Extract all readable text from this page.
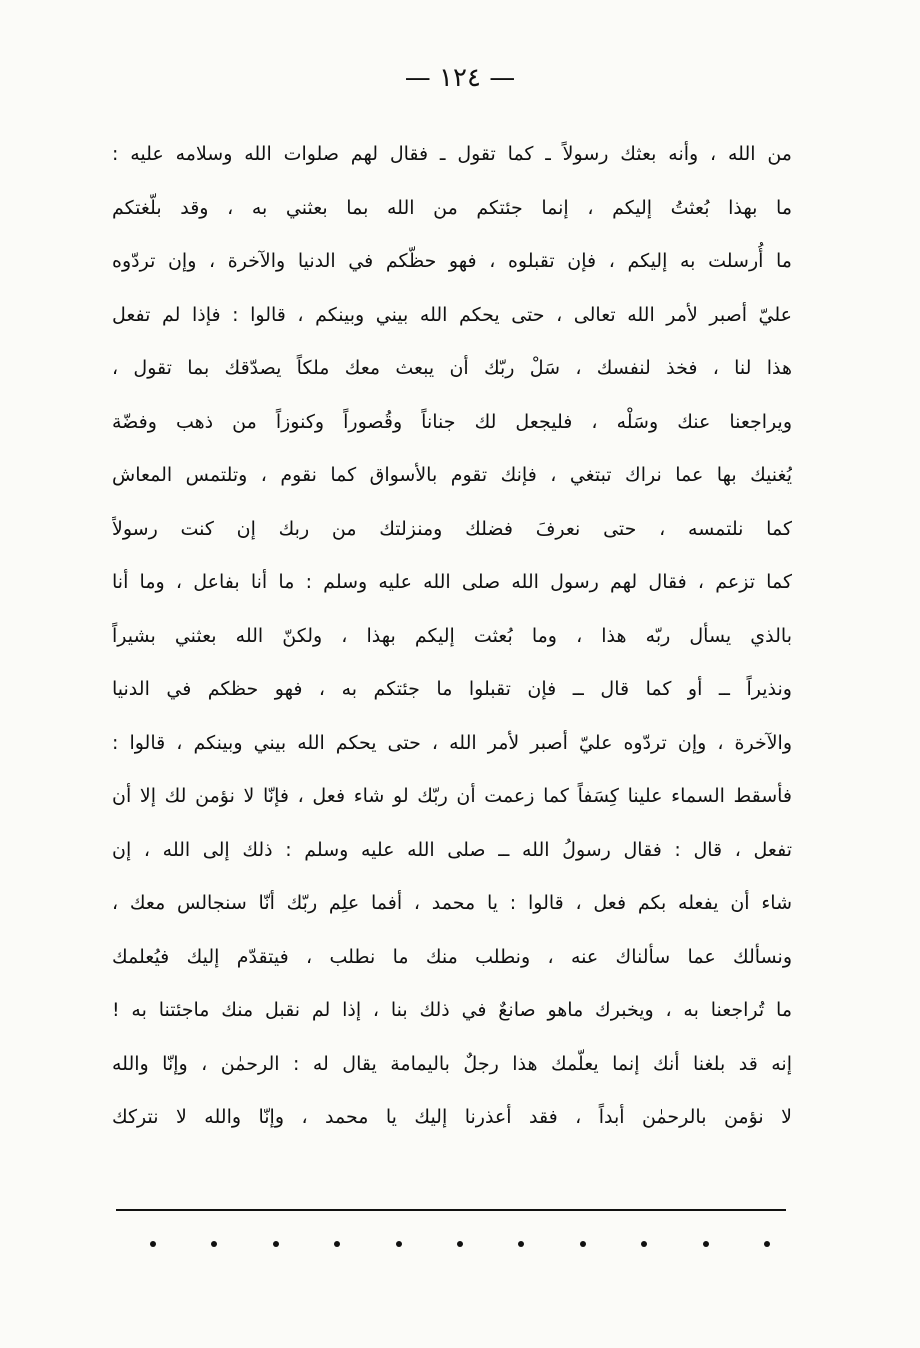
— ١٢٤ —
من الله ، وأنه بعثك رسولاً ـ كما تقول ـ فقال لهم صلوات الله وسلامه عليه :
ما بهذا بُعثتُ إليكم ، إنما جئتكم من الله بما بعثني به ، وقد بلّغتكم
ما أُرسلت به إليكم ، فإن تقبلوه ، فهو حظّكم في الدنيا والآخرة ، وإن تردّوه
عليّ أصبر لأمر الله تعالى ، حتى يحكم الله بيني وبينكم ، قالوا : فإذا لم تفعل
هذا لنا ، فخذ لنفسك ، سَلْ ربّك أن يبعث معك ملكاً يصدّقك بما تقول ،
ويراجعنا عنك وسَلْه ، فليجعل لك جناناً وقُصوراً وكنوزاً من ذهب وفضّة
يُغنيك بها عما نراك تبتغي ، فإنك تقوم بالأسواق كما نقوم ، وتلتمس المعاش
كما نلتمسه ، حتى نعرفَ فضلك ومنزلتك من ربك إن كنت رسولاً
كما تزعم ، فقال لهم رسول الله صلى الله عليه وسلم : ما أنا بفاعل ، وما أنا
بالذي يسأل ربّه هذا ، وما بُعثت إليكم بهذا ، ولكنّ الله بعثني بشيراً
ونذيراً ــ أو كما قال ــ فإن تقبلوا ما جئتكم به ، فهو حظكم في الدنيا
والآخرة ، وإن تردّوه عليّ أصبر لأمر الله ، حتى يحكم الله بيني وبينكم ، قالوا :
فأسقط السماء علينا كِسَفاً كما زعمت أن ربّك لو شاء فعل ، فإنّا لا نؤمن لك إلا أن
تفعل ، قال : فقال رسولُ الله ــ صلى الله عليه وسلم : ذلك إلى الله ، إن
شاء أن يفعله بكم فعل ، قالوا : يا محمد ، أفما علِم ربّك أنّا سنجالس معك ،
ونسألك عما سألناك عنه ، ونطلب منك ما نطلب ، فيتقدّم إليك فيُعلمك
ما تُراجعنا به ، ويخبرك ماهو صانعٌ في ذلك بنا ، إذا لم نقبل منك ماجئتنا به !
إنه قد بلغنا أنك إنما يعلّمك هذا رجلٌ باليمامة يقال له : الرحمٰن ، وإنّا والله
لا نؤمن بالرحمٰن أبداً ، فقد أعذرنا إليك يا محمد ، وإنّا والله لا نتركك
